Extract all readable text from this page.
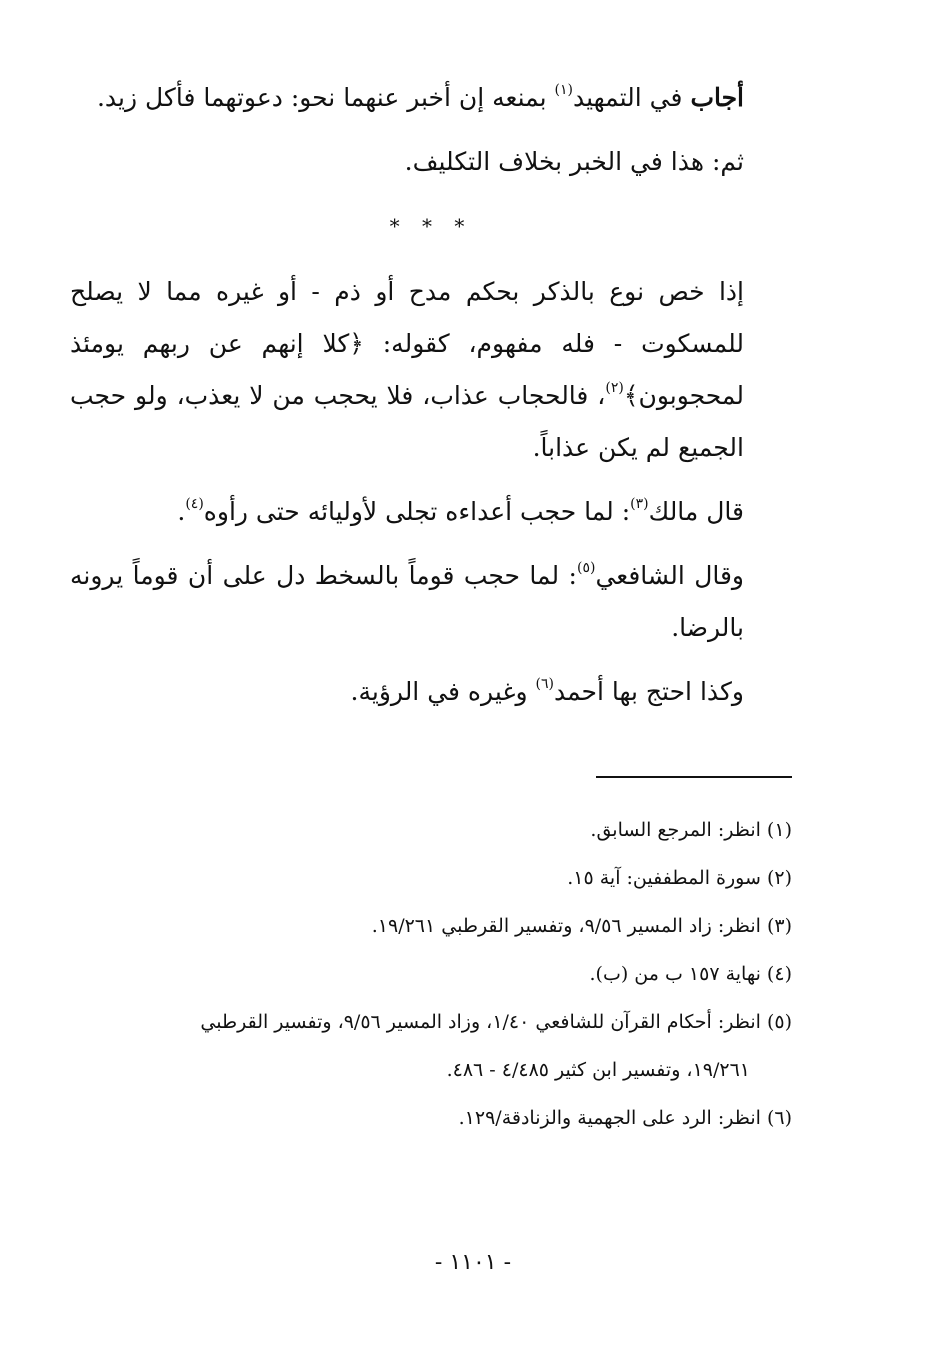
أجاب في التمهيد$^{(١)}$ بمنعه إن أخبر عنهما نحو: دعوتهما فأكل زيد.

ثم: هذا في الخبر بخلاف التكليف.

* * *

إذا خص نوع بالذكر بحكم مدح أو ذم - أو غيره مما لا يصلح للمسكوت - فله مفهوم، كقوله: ﴿كلا إنهم عن ربهم يومئذ لمحجوبون﴾$^{(٢)}$، فالحجاب عذاب، فلا يحجب من لا يعذب، ولو حجب الجميع لم يكن عذاباً.

قال مالك$^{(٣)}$: لما حجب أعداءه تجلى لأوليائه حتى رأوه$^{(٤)}$.

وقال الشافعي$^{(٥)}$: لما حجب قوماً بالسخط دل على أن قوماً يرونه بالرضا.

وكذا احتج بها أحمد$^{(٦)}$ وغيره في الرؤية.

(١) انظر: المرجع السابق.

(٢) سورة المطففين: آية ١٥.

(٣) انظر: زاد المسير ٩/٥٦، وتفسير القرطبي ١٩/٢٦١.

(٤) نهاية ١٥٧ ب من (ب).

(٥) انظر: أحكام القرآن للشافعي ١/٤٠، وزاد المسير ٩/٥٦، وتفسير القرطبي

١٩/٢٦١، وتفسير ابن كثير ٤/٤٨٥ - ٤٨٦.

(٦) انظر: الرد على الجهمية والزنادقة/١٢٩.

- ١١٠١ -
